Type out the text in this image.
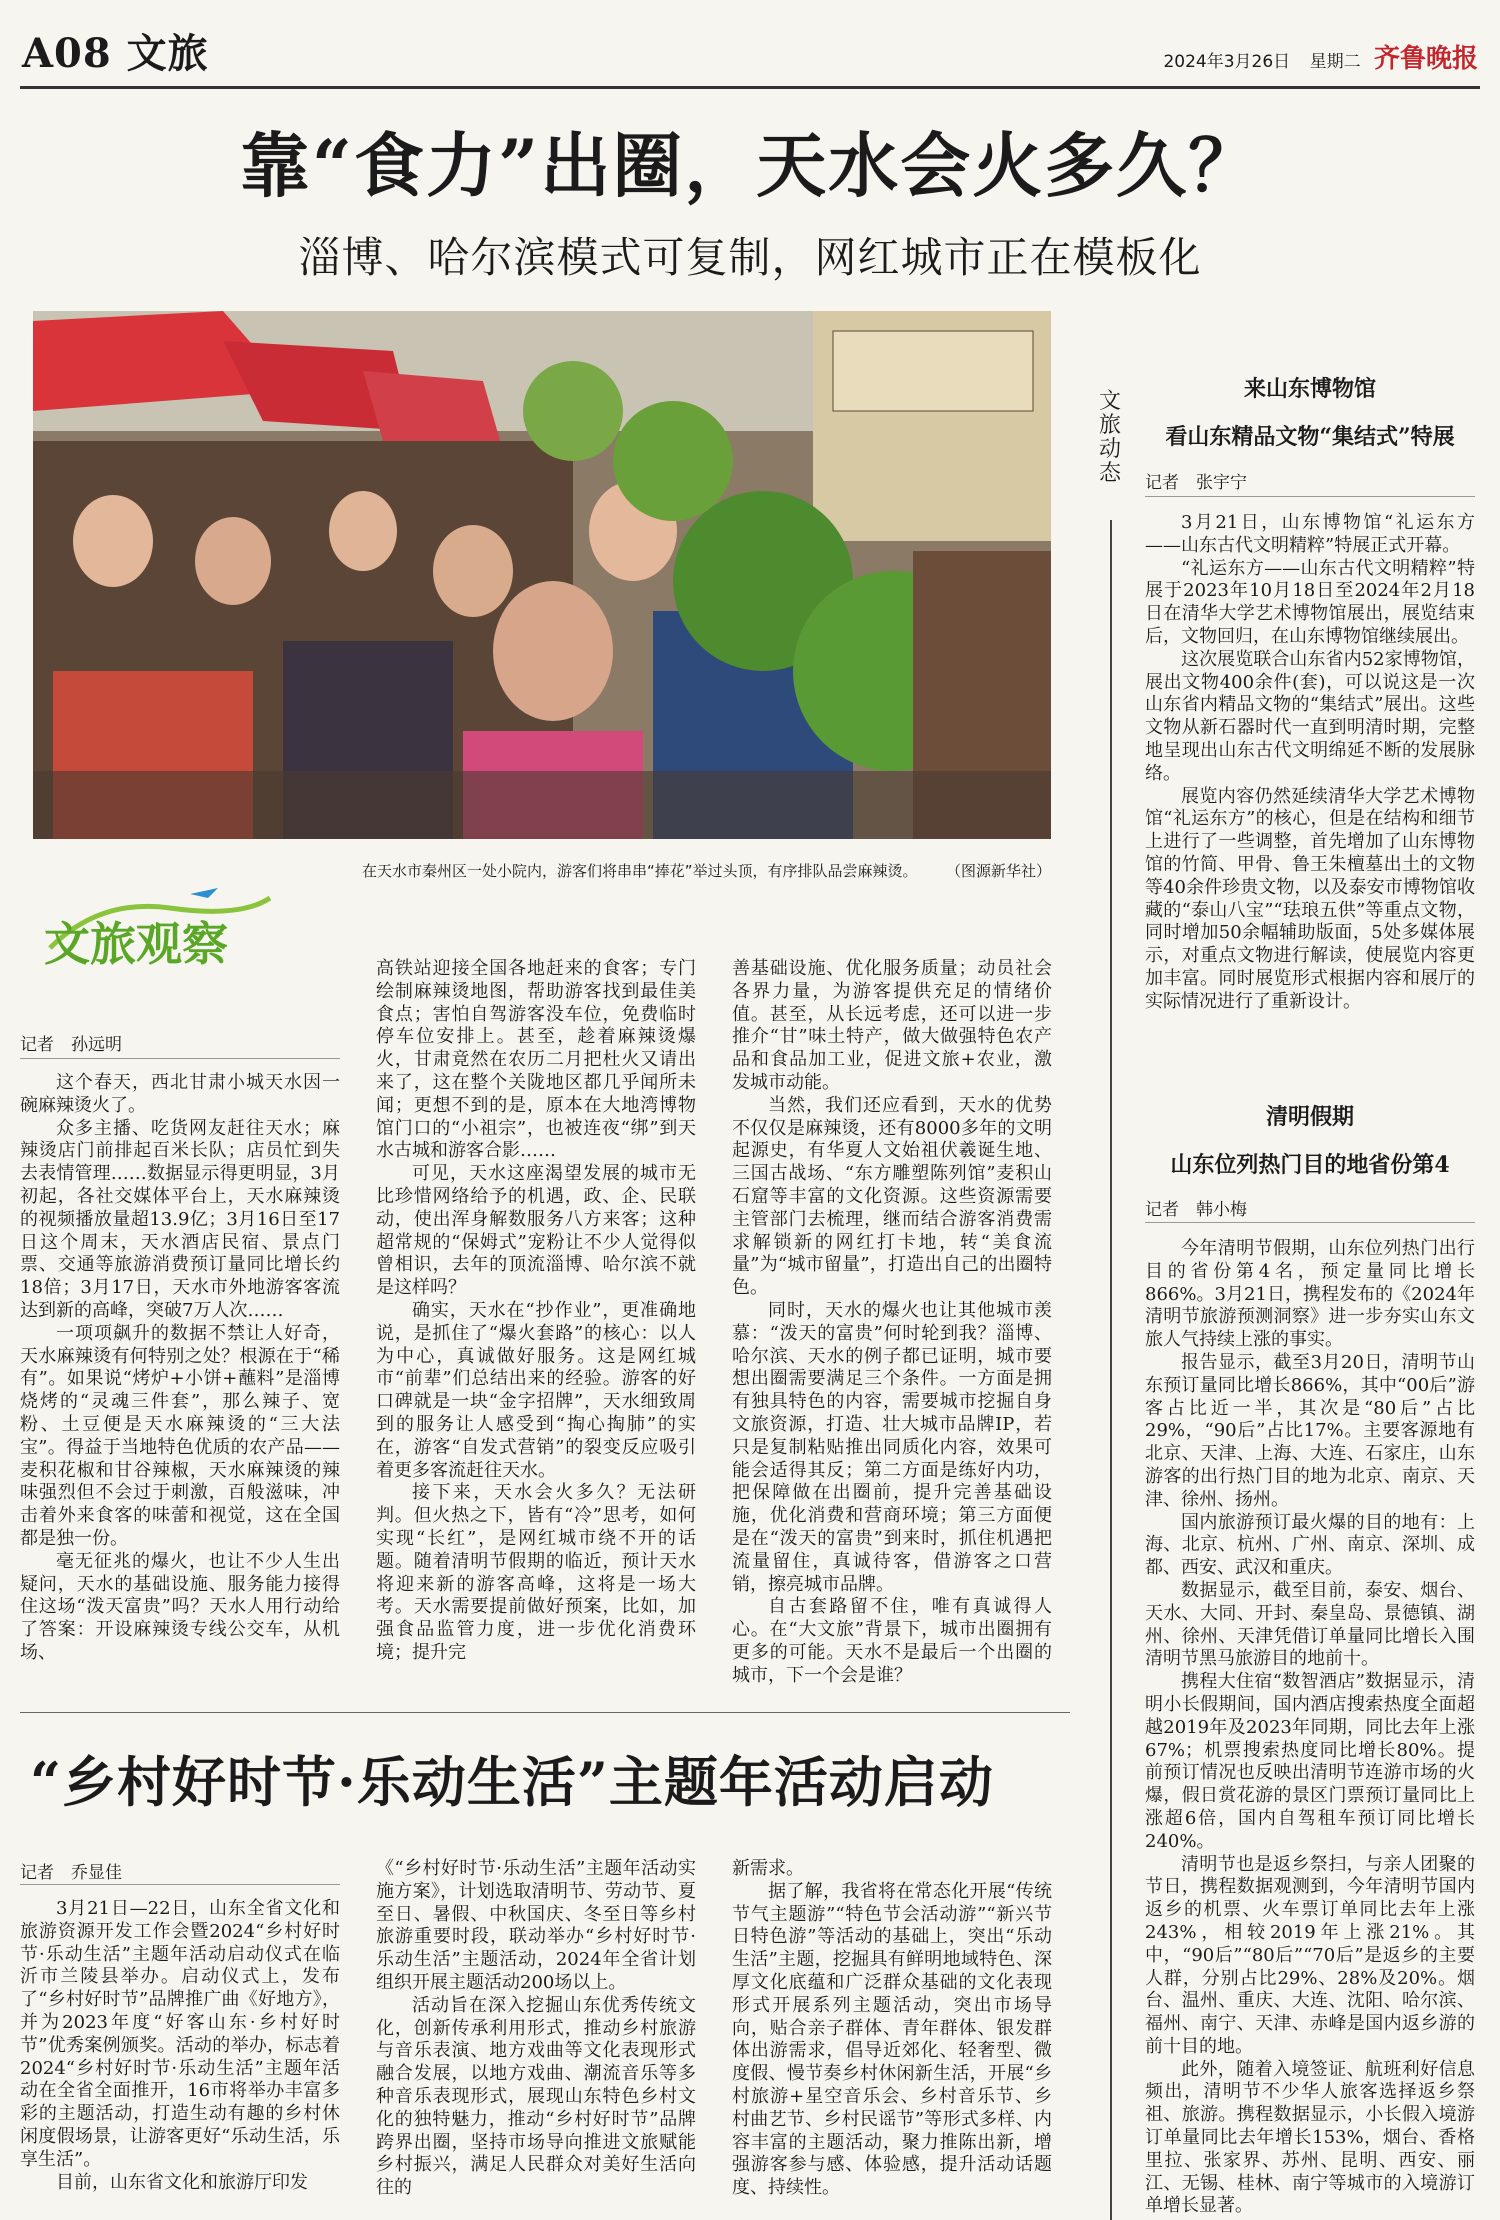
A08 文旅	2024年3月26日 星期二 齐鲁晚报
靠“食力”出圈，天水会火多久？
淄博、哈尔滨模式可复制，网红城市正在模板化
在天水市秦州区一处小院内，游客们将串串“捧花”举过头顶，有序排队品尝麻辣烫。 （图源新华社）
文旅观察
记者　孙远明

这个春天，西北甘肃小城天水因一碗麻辣烫火了。

众多主播、吃货网友赶往天水；麻辣烫店门前排起百米长队；店员忙到失去表情管理……数据显示得更明显，3月初起，各社交媒体平台上，天水麻辣烫的视频播放量超13.9亿；3月16日至17日这个周末，天水酒店民宿、景点门票、交通等旅游消费预订量同比增长约18倍；3月17日，天水市外地游客客流达到新的高峰，突破7万人次……

一项项飙升的数据不禁让人好奇，天水麻辣烫有何特别之处？根源在于“稀有”。如果说“烤炉+小饼+蘸料”是淄博烧烤的“灵魂三件套”，那么辣子、宽粉、土豆便是天水麻辣烫的“三大法宝”。得益于当地特色优质的农产品——麦积花椒和甘谷辣椒，天水麻辣烫的辣味强烈但不会过于刺激，百般滋味，冲击着外来食客的味蕾和视觉，这在全国都是独一份。

毫无征兆的爆火，也让不少人生出疑问，天水的基础设施、服务能力接得住这场“泼天富贵”吗？天水人用行动给了答案：开设麻辣烫专线公交车，从机场、

高铁站迎接全国各地赶来的食客；专门绘制麻辣烫地图，帮助游客找到最佳美食点；害怕自驾游客没车位，免费临时停车位安排上。甚至，趁着麻辣烫爆火，甘肃竟然在农历二月把杜火又请出来了，这在整个关陇地区都几乎闻所未闻；更想不到的是，原本在大地湾博物馆门口的“小祖宗”，也被连夜“绑”到天水古城和游客合影……

可见，天水这座渴望发展的城市无比珍惜网络给予的机遇，政、企、民联动，使出浑身解数服务八方来客；这种超常规的“保姆式”宠粉让不少人觉得似曾相识，去年的顶流淄博、哈尔滨不就是这样吗？

确实，天水在“抄作业”，更准确地说，是抓住了“爆火套路”的核心：以人为中心，真诚做好服务。这是网红城市“前辈”们总结出来的经验。游客的好口碑就是一块“金字招牌”，天水细致周到的服务让人感受到“掏心掏肺”的实在，游客“自发式营销”的裂变反应吸引着更多客流赶往天水。

接下来，天水会火多久？无法研判。但火热之下，皆有“冷”思考，如何实现“长红”，是网红城市绕不开的话题。随着清明节假期的临近，预计天水将迎来新的游客高峰，这将是一场大考。天水需要提前做好预案，比如，加强食品监管力度，进一步优化消费环境；提升完

善基础设施、优化服务质量；动员社会各界力量，为游客提供充足的情绪价值。甚至，从长远考虑，还可以进一步推介“甘”味土特产，做大做强特色农产品和食品加工业，促进文旅+农业，激发城市动能。

当然，我们还应看到，天水的优势不仅仅是麻辣烫，还有8000多年的文明起源史，有华夏人文始祖伏羲诞生地、三国古战场、“东方雕塑陈列馆”麦积山石窟等丰富的文化资源。这些资源需要主管部门去梳理，继而结合游客消费需求解锁新的网红打卡地，转“美食流量”为“城市留量”，打造出自己的出圈特色。

同时，天水的爆火也让其他城市羡慕：“泼天的富贵”何时轮到我？淄博、哈尔滨、天水的例子都已证明，城市要想出圈需要满足三个条件。一方面是拥有独具特色的内容，需要城市挖掘自身文旅资源，打造、壮大城市品牌IP，若只是复制粘贴推出同质化内容，效果可能会适得其反；第二方面是练好内功，把保障做在出圈前，提升完善基础设施，优化消费和营商环境；第三方面便是在“泼天的富贵”到来时，抓住机遇把流量留住，真诚待客，借游客之口营销，擦亮城市品牌。

自古套路留不住，唯有真诚得人心。在“大文旅”背景下，城市出圈拥有更多的可能。天水不是最后一个出圈的城市，下一个会是谁？

文旅动态
来山东博物馆
看山东精品文物“集结式”特展
记者　张宇宁

3月21日，山东博物馆“礼运东方——山东古代文明精粹”特展正式开幕。

“礼运东方——山东古代文明精粹”特展于2023年10月18日至2024年2月18日在清华大学艺术博物馆展出，展览结束后，文物回归，在山东博物馆继续展出。

这次展览联合山东省内52家博物馆，展出文物400余件(套)，可以说这是一次山东省内精品文物的“集结式”展出。这些文物从新石器时代一直到明清时期，完整地呈现出山东古代文明绵延不断的发展脉络。

展览内容仍然延续清华大学艺术博物馆“礼运东方”的核心，但是在结构和细节上进行了一些调整，首先增加了山东博物馆的竹简、甲骨、鲁王朱檀墓出土的文物等40余件珍贵文物，以及泰安市博物馆收藏的“泰山八宝”“珐琅五供”等重点文物，同时增加50余幅辅助版面，5处多媒体展示，对重点文物进行解读，使展览内容更加丰富。同时展览形式根据内容和展厅的实际情况进行了重新设计。

清明假期
山东位列热门目的地省份第4
记者　韩小梅

今年清明节假期，山东位列热门出行目的省份第4名，预定量同比增长866%。3月21日，携程发布的《2024年清明节旅游预测洞察》进一步夯实山东文旅人气持续上涨的事实。

报告显示，截至3月20日，清明节山东预订量同比增长866%，其中“00后”游客占比近一半，其次是“80后”占比29%，“90后”占比17%。主要客源地有北京、天津、上海、大连、石家庄，山东游客的出行热门目的地为北京、南京、天津、徐州、扬州。

国内旅游预订最火爆的目的地有：上海、北京、杭州、广州、南京、深圳、成都、西安、武汉和重庆。

数据显示，截至目前，泰安、烟台、天水、大同、开封、秦皇岛、景德镇、湖州、徐州、天津凭借订单量同比增长入围清明节黑马旅游目的地前十。

携程大住宿“数智酒店”数据显示，清明小长假期间，国内酒店搜索热度全面超越2019年及2023年同期，同比去年上涨67%；机票搜索热度同比增长80%。提前预订情况也反映出清明节连游市场的火爆，假日赏花游的景区门票预订量同比上涨超6倍，国内自驾租车预订同比增长240%。

清明节也是返乡祭扫，与亲人团聚的节日，携程数据观测到，今年清明节国内返乡的机票、火车票订单同比去年上涨243%，相较2019年上涨21%。其中，“90后”“80后”“70后”是返乡的主要人群，分别占比29%、28%及20%。烟台、温州、重庆、大连、沈阳、哈尔滨、福州、南宁、天津、赤峰是国内返乡游的前十目的地。

此外，随着入境签证、航班利好信息频出，清明节不少华人旅客选择返乡祭祖、旅游。携程数据显示，小长假入境游订单量同比去年增长153%，烟台、香格里拉、张家界、苏州、昆明、西安、丽江、无锡、桂林、南宁等城市的入境游订单增长显著。

“乡村好时节·乐动生活”主题年活动启动
记者　乔显佳

3月21日—22日，山东全省文化和旅游资源开发工作会暨2024“乡村好时节·乐动生活”主题年活动启动仪式在临沂市兰陵县举办。启动仪式上，发布了“乡村好时节”品牌推广曲《好地方》，并为2023年度“好客山东·乡村好时节”优秀案例颁奖。活动的举办，标志着2024“乡村好时节·乐动生活”主题年活动在全省全面推开，16市将举办丰富多彩的主题活动，打造生动有趣的乡村休闲度假场景，让游客更好“乐动生活，乐享生活”。

目前，山东省文化和旅游厅印发

《“乡村好时节·乐动生活”主题年活动实施方案》，计划选取清明节、劳动节、夏至日、暑假、中秋国庆、冬至日等乡村旅游重要时段，联动举办“乡村好时节·乐动生活”主题活动，2024年全省计划组织开展主题活动200场以上。

活动旨在深入挖掘山东优秀传统文化，创新传承利用形式，推动乡村旅游与音乐表演、地方戏曲等文化表现形式融合发展，以地方戏曲、潮流音乐等多种音乐表现形式，展现山东特色乡村文化的独特魅力，推动“乡村好时节”品牌跨界出圈，坚持市场导向推进文旅赋能乡村振兴，满足人民群众对美好生活向往的

新需求。

据了解，我省将在常态化开展“传统节气主题游”“特色节会活动游”“新兴节日特色游”等活动的基础上，突出“乐动生活”主题，挖掘具有鲜明地域特色、深厚文化底蕴和广泛群众基础的文化表现形式开展系列主题活动，突出市场导向，贴合亲子群体、青年群体、银发群体出游需求，倡导近郊化、轻奢型、微度假、慢节奏乡村休闲新生活，开展“乡村旅游+星空音乐会、乡村音乐节、乡村曲艺节、乡村民谣节”等形式多样、内容丰富的主题活动，聚力推陈出新，增强游客参与感、体验感，提升活动话题度、持续性。
